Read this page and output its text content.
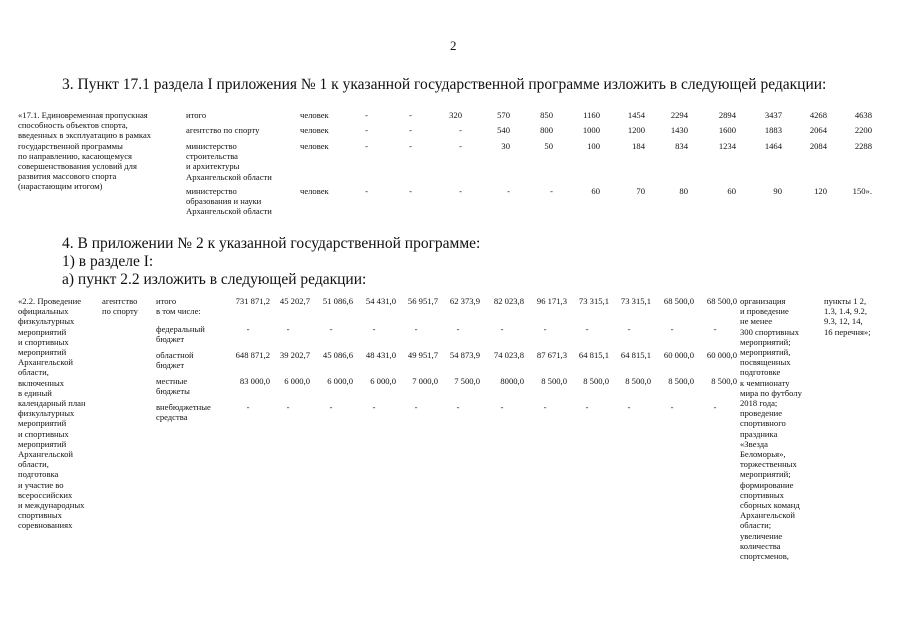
2
3. Пункт 17.1 раздела I приложения № 1 к указанной государственной программе изложить в следующей редакции:
«17.1. Единовременная пропускная
способность объектов спорта,
введенных в эксплуатацию в рамках
государственной программы
по направлению, касающемуся
совершенствования условий для
развития массового спорта
(нарастающим итогом)
итого	человек	-	-	320	570	850	1160	1454	2294	2894	3437	4268	4638
агентство по спорту	человек	-	-	-	540	800	1000	1200	1430	1600	1883	2064	2200
министерство
строительства
и архитектуры
Архангельской области
человек	-	-	-	30	50	100	184	834	1234	1464	2084	2288
министерство
образования и науки
Архангельской области
человек	-	-	-	-	-	60	70	80	60	90	120	150».
4. В приложении № 2 к указанной государственной программе:
1) в разделе I:
а) пункт 2.2 изложить в следующей редакции:
«2.2. Проведение
официальных
физкультурных
мероприятий
и спортивных
мероприятий
Архангельской
области,
включенных
в единый
календарный план
физкультурных
мероприятий
и спортивных
мероприятий
Архангельской
области,
подготовка
и участие во
всероссийских
и международных
спортивных
соревнованиях
агентство
по спорту
итого
в том числе:
731 871,2	45 202,7	51 086,6	54 431,0	56 951,7	62 373,9	82 023,8	96 171,3	73 315,1	73 315,1	68 500,0	68 500,0
федеральный
бюджет
-	-	-	-	-	-	-	-	-	-	-	-
областной
бюджет
648 871,2	39 202,7	45 086,6	48 431,0	49 951,7	54 873,9	74 023,8	87 671,3	64 815,1	64 815,1	60 000,0	60 000,0
местные
бюджеты
83 000,0	6 000,0	6 000,0	6 000,0	7 000,0	7 500,0	8000,0	8 500,0	8 500,0	8 500,0	8 500,0	8 500,0
внебюджетные
средства
-	-	-	-	-	-	-	-	-	-	-	-
организация
и проведение
не менее
300 спортивных
мероприятий;
мероприятий,
посвященных
подготовке
к чемпионату
мира по футболу
2018 года;
проведение
спортивного
праздника
«Звезда
Беломорья»,
торжественных
мероприятий;
формирование
спортивных
сборных команд
Архангельской
области;
увеличение
количества
спортсменов,
пункты 1 2,
1.3, 1.4, 9.2,
9.3, 12, 14,
16 перечня»;
